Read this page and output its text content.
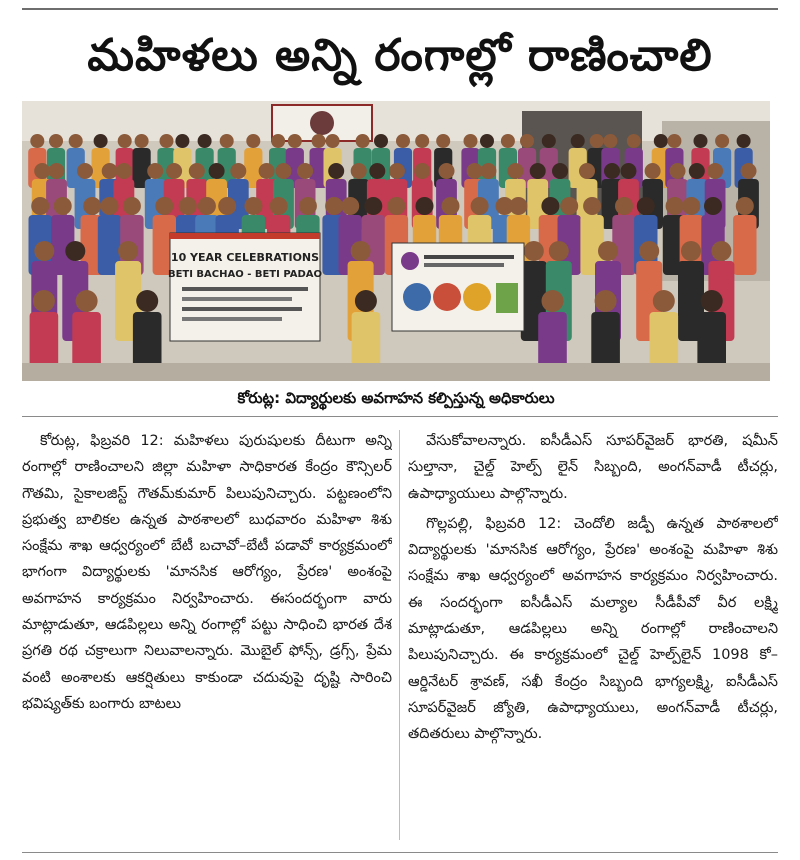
మహిళలు అన్ని రంగాల్లో రాణించాలి
10 YEAR CELEBRATIONS
BETI BACHAO - BETI PADAO
కోరుట్ల: విద్యార్థులకు అవగాహన కల్పిస్తున్న అధికారులు

కోరుట్ల, ఫిబ్రవరి 12: మహిళలు పురుషులకు దీటుగా అన్ని రంగాల్లో రాణించాలని జిల్లా మహిళా సాధికారత కేంద్రం కౌన్సిలర్ గౌతమి, సైకాలజిస్ట్ గౌతమ్‌కుమార్ పిలుపునిచ్చారు. పట్టణంలోని ప్రభుత్వ బాలికల ఉన్నత పాఠశాలలో బుధవారం మహిళా శిశు సంక్షేమ శాఖ ఆధ్వర్యంలో బేటీ బచావో–బేటీ పడావో కార్యక్రమంలో భాగంగా విద్యార్థులకు 'మానసిక ఆరోగ్యం, ప్రేరణ' అంశంపై అవగాహన కార్యక్రమం నిర్వహించారు. ఈసందర్భంగా వారు మాట్లాడుతూ, ఆడపిల్లలు అన్ని రంగాల్లో పట్టు సాధించి భారత దేశ ప్రగతి రథ చక్రాలుగా నిలువాలన్నారు. మొబైల్ ఫోన్స్, డ్రగ్స్, ప్రేమ వంటి అంశాలకు ఆకర్షితులు కాకుండా చదువుపై దృష్టి సారించి భవిష్యత్‌కు బంగారు బాటలు

వేసుకోవాలన్నారు. ఐసీడీఎస్ సూపర్‌వైజర్ భారతి, షమీన్ సుల్తానా, చైల్డ్ హెల్ప్ లైన్ సిబ్బంది, అంగన్‌వాడీ టీచర్లు, ఉపాధ్యాయులు పాల్గొన్నారు.

గొల్లపల్లి, ఫిబ్రవరి 12: చెందోలి జడ్పీ ఉన్నత పాఠశాలలో విద్యార్థులకు 'మానసిక ఆరోగ్యం, ప్రేరణ' అంశంపై మహిళా శిశు సంక్షేమ శాఖ ఆధ్వర్యంలో అవగాహన కార్యక్రమం నిర్వహించారు. ఈ సందర్భంగా ఐసీడీఎస్ మల్యాల సీడీపీవో వీర లక్ష్మి మాట్లాడుతూ, ఆడపిల్లలు అన్ని రంగాల్లో రాణించాలని పిలుపునిచ్చారు. ఈ కార్యక్రమంలో చైల్డ్ హెల్ప్‌లైన్ 1098 కో–ఆర్డినేటర్ శ్రావణ్, సఖీ కేంద్రం సిబ్బంది భాగ్యలక్ష్మి, ఐసీడీఎస్ సూపర్‌వైజర్ జ్యోతి, ఉపాధ్యాయులు, అంగన్‌వాడీ టీచర్లు, తదితరులు పాల్గొన్నారు.
